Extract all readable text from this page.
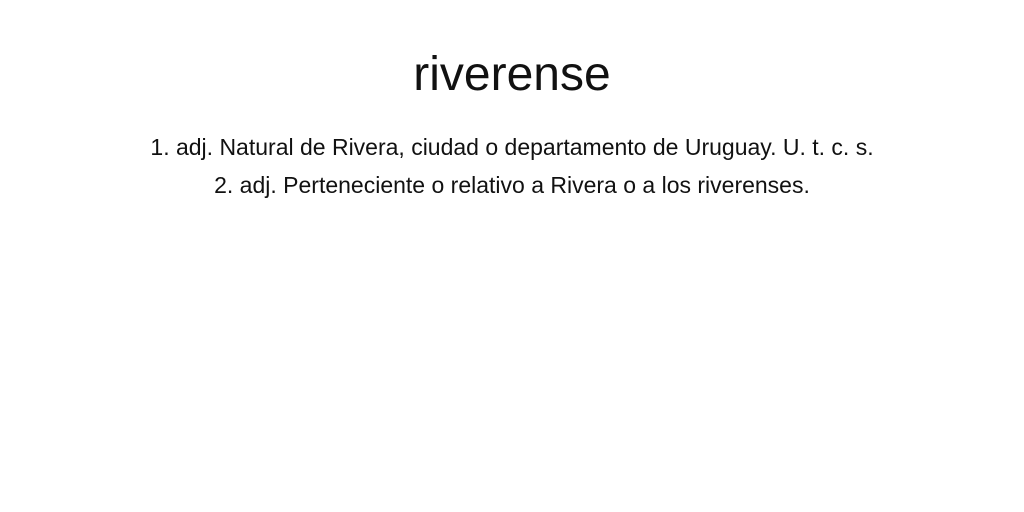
riverense
1. adj. Natural de Rivera, ciudad o departamento de Uruguay. U. t. c. s.
2. adj. Perteneciente o relativo a Rivera o a los riverenses.
